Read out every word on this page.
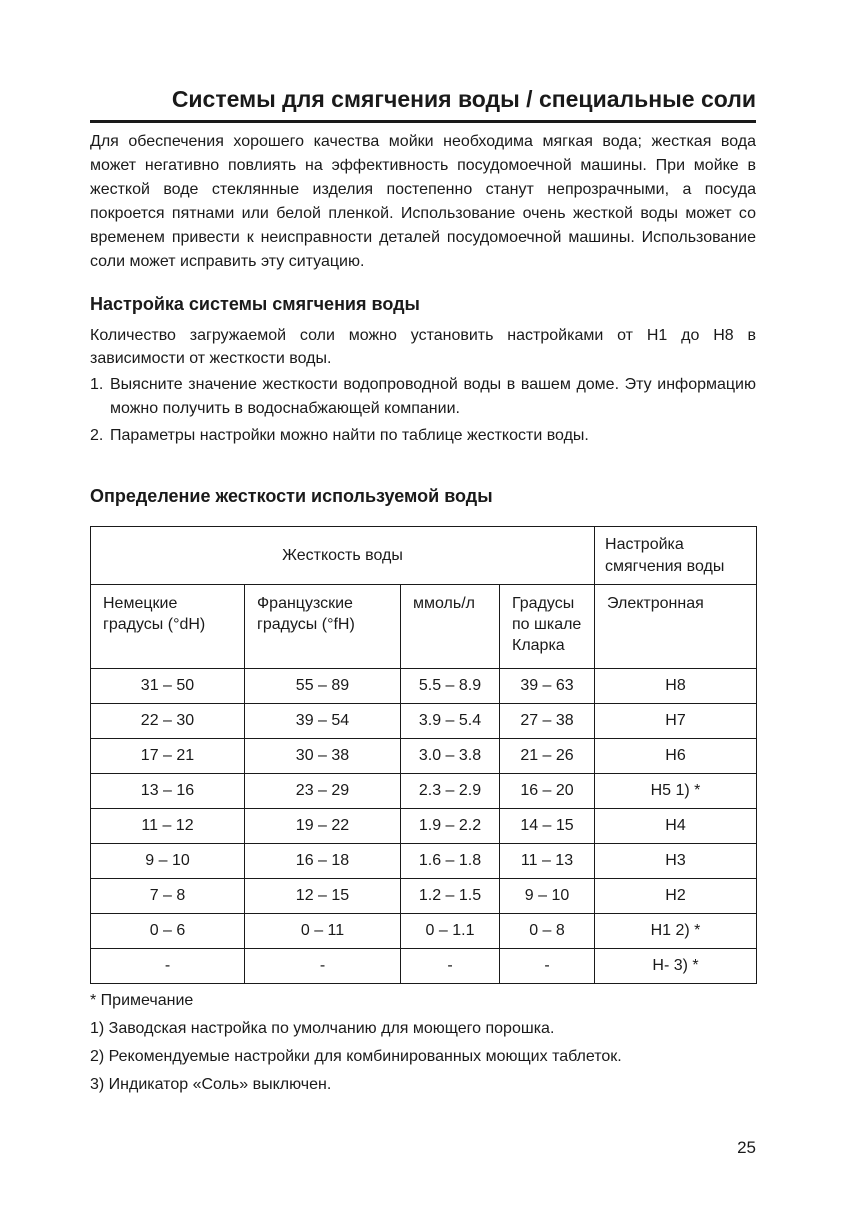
Системы для смягчения воды / специальные соли

Для обеспечения хорошего качества мойки необходима мягкая вода; жесткая вода может негативно повлиять на эффективность посудомоечной машины. При мойке в жесткой воде стеклянные изделия постепенно станут непрозрачными, а посуда покроется пятнами или белой пленкой. Использование очень жесткой воды может со временем привести к неисправности деталей посудомоечной машины. Использование соли может исправить эту ситуацию.

Настройка системы смягчения воды

Количество загружаемой соли можно установить настройками от H1 до H8 в зависимости от жесткости воды.

1. Выясните значение жесткости водопроводной воды в вашем доме. Эту информацию можно получить в водоснабжающей компании.
2. Параметры настройки можно найти по таблице жесткости воды.

Определение жесткости используемой воды

Жесткость воды				Настройка смягчения воды
Немецкие градусы (°dH)	Французские градусы (°fH)	ммоль/л	Градусы по шкале Кларка	Электронная
31 – 50	55 – 89	5.5 – 8.9	39 – 63	H8
22 – 30	39 – 54	3.9 – 5.4	27 – 38	H7
17 – 21	30 – 38	3.0 – 3.8	21 – 26	H6
13 – 16	23 – 29	2.3 – 2.9	16 – 20	H5 1) *
11 – 12	19 – 22	1.9 – 2.2	14 – 15	H4
9 – 10	16 – 18	1.6 – 1.8	11 – 13	H3
7 – 8	12 – 15	1.2 – 1.5	9 – 10	H2
0 – 6	0 – 11	0 – 1.1	0 – 8	H1 2) *
-	-	-	-	H- 3) *
* Примечание
1) Заводская настройка по умолчанию для моющего порошка.
2) Рекомендуемые настройки для комбинированных моющих таблеток.
3) Индикатор «Соль» выключен.
25
